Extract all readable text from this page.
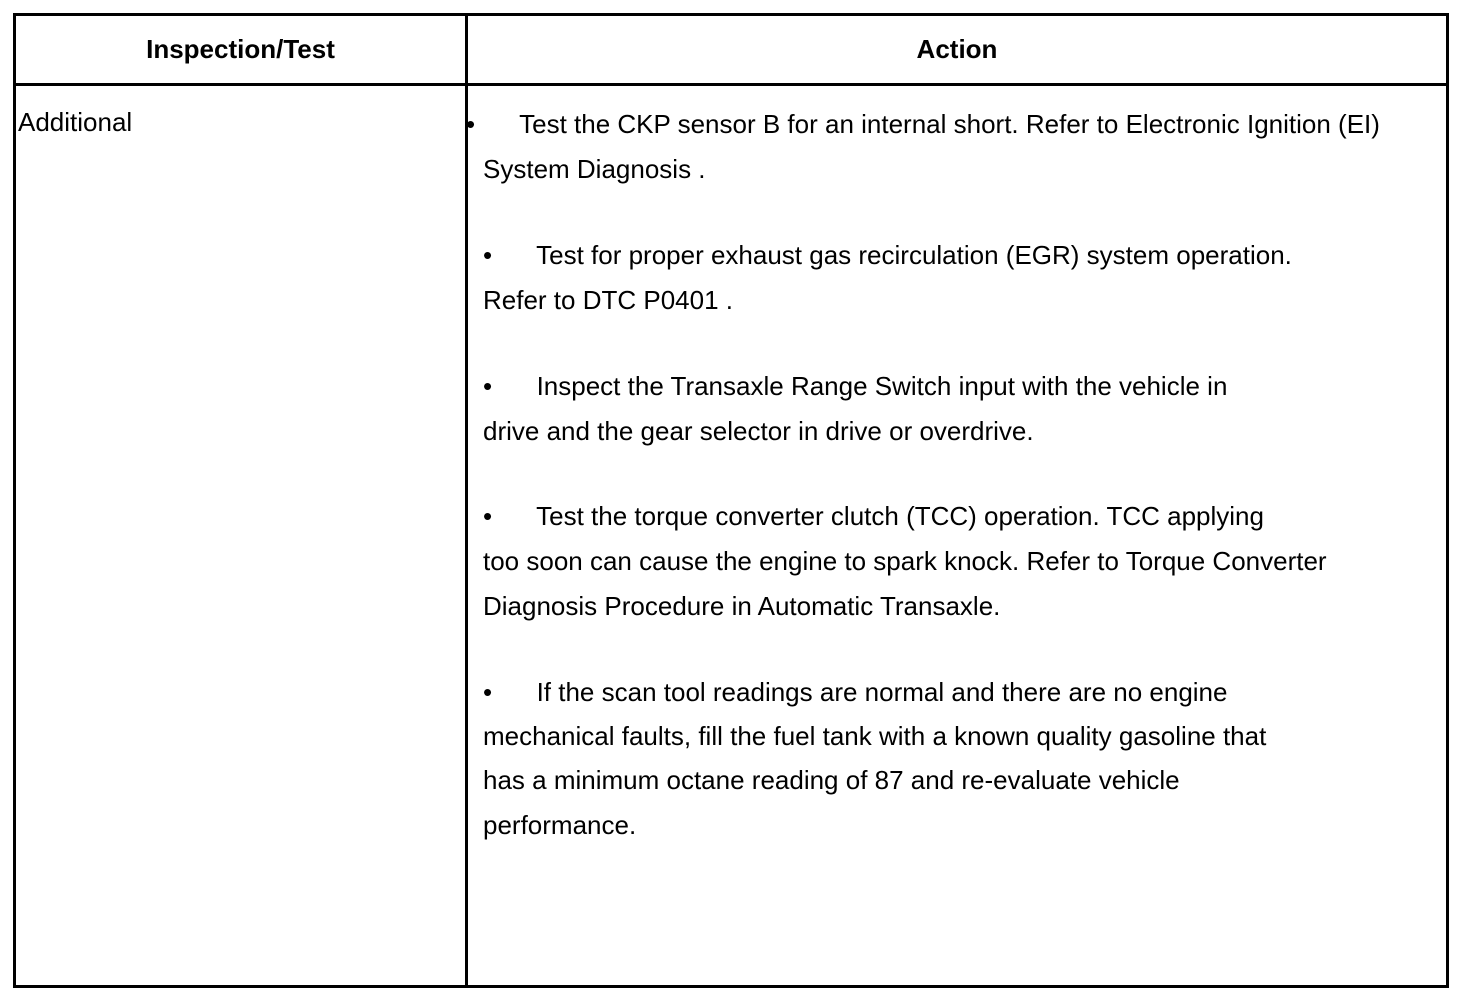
Inspection/Test	Action
Additional	• Test the CKP sensor B for an internal short. Refer to Electronic Ignition (EI)
System Diagnosis .
• Test for proper exhaust gas recirculation (EGR) system operation.
Refer to DTC P0401 .
• Inspect the Transaxle Range Switch input with the vehicle in
drive and the gear selector in drive or overdrive.
• Test the torque converter clutch (TCC) operation. TCC applying
too soon can cause the engine to spark knock. Refer to Torque Converter
Diagnosis Procedure in Automatic Transaxle.
• If the scan tool readings are normal and there are no engine
mechanical faults, fill the fuel tank with a known quality gasoline that
has a minimum octane reading of 87 and re-evaluate vehicle
performance.
